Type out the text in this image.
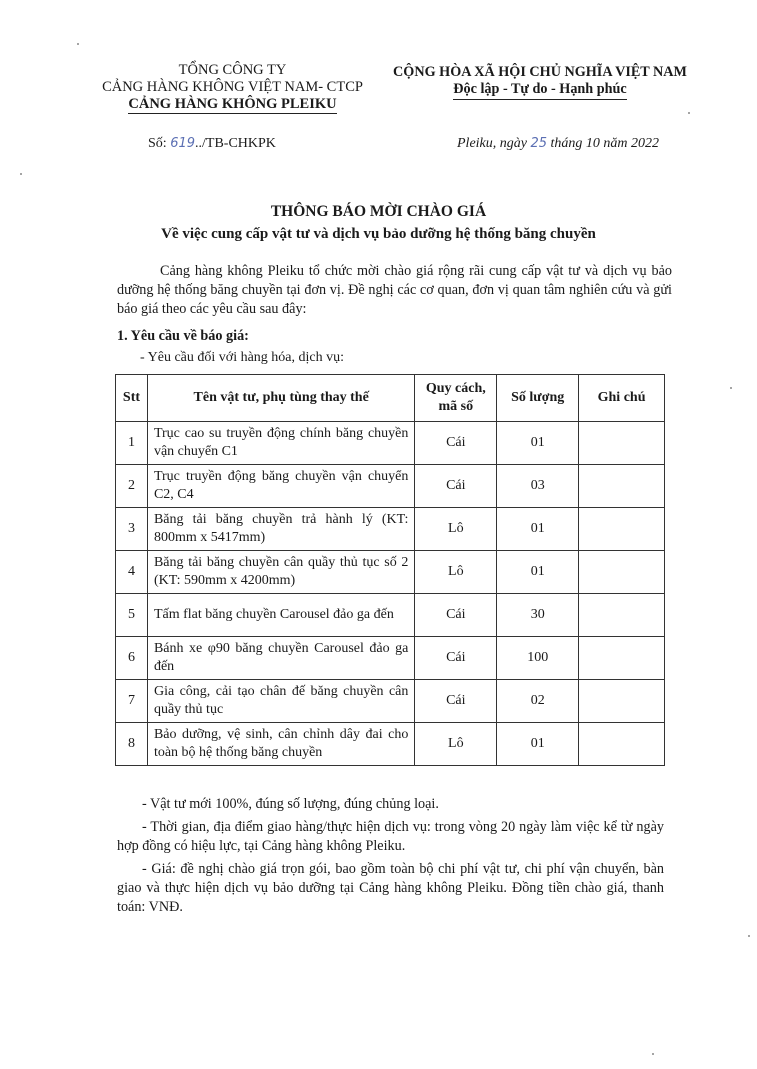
TỔNG CÔNG TY
CẢNG HÀNG KHÔNG VIỆT NAM- CTCP
CẢNG HÀNG KHÔNG PLEIKU
CỘNG HÒA XÃ HỘI CHỦ NGHĨA VIỆT NAM
Độc lập - Tự do - Hạnh phúc
Số: 619../TB-CHKPK	Pleiku, ngày 25 tháng 10 năm 2022
THÔNG BÁO MỜI CHÀO GIÁ
Về việc cung cấp vật tư và dịch vụ bảo dưỡng hệ thống băng chuyền
Cảng hàng không Pleiku tổ chức mời chào giá rộng rãi cung cấp vật tư và dịch vụ bảo dưỡng hệ thống băng chuyền tại đơn vị. Đề nghị các cơ quan, đơn vị quan tâm nghiên cứu và gửi báo giá theo các yêu cầu sau đây:
1. Yêu cầu về báo giá:
- Yêu cầu đối với hàng hóa, dịch vụ:
Stt	Tên vật tư, phụ tùng thay thế	Quy cách, mã số	Số lượng	Ghi chú
1	Trục cao su truyền động chính băng chuyền vận chuyển C1	Cái	01	
2	Trục truyền động băng chuyền vận chuyển C2, C4	Cái	03	
3	Băng tải băng chuyền trả hành lý (KT: 800mm x 5417mm)	Lô	01	
4	Băng tải băng chuyền cân quầy thủ tục số 2 (KT: 590mm x 4200mm)	Lô	01	
5	Tấm flat băng chuyền Carousel đảo ga đến	Cái	30	
6	Bánh xe φ90 băng chuyền Carousel đảo ga đến	Cái	100	
7	Gia công, cải tạo chân đế băng chuyền cân quầy thủ tục	Cái	02	
8	Bảo dưỡng, vệ sinh, cân chỉnh dây đai cho toàn bộ hệ thống băng chuyền	Lô	01	
- Vật tư mới 100%, đúng số lượng, đúng chủng loại.
- Thời gian, địa điểm giao hàng/thực hiện dịch vụ: trong vòng 20 ngày làm việc kể từ ngày hợp đồng có hiệu lực, tại Cảng hàng không Pleiku.
- Giá: đề nghị chào giá trọn gói, bao gồm toàn bộ chi phí vật tư, chi phí vận chuyển, bàn giao và thực hiện dịch vụ bảo dưỡng tại Cảng hàng không Pleiku. Đồng tiền chào giá, thanh toán: VNĐ.
